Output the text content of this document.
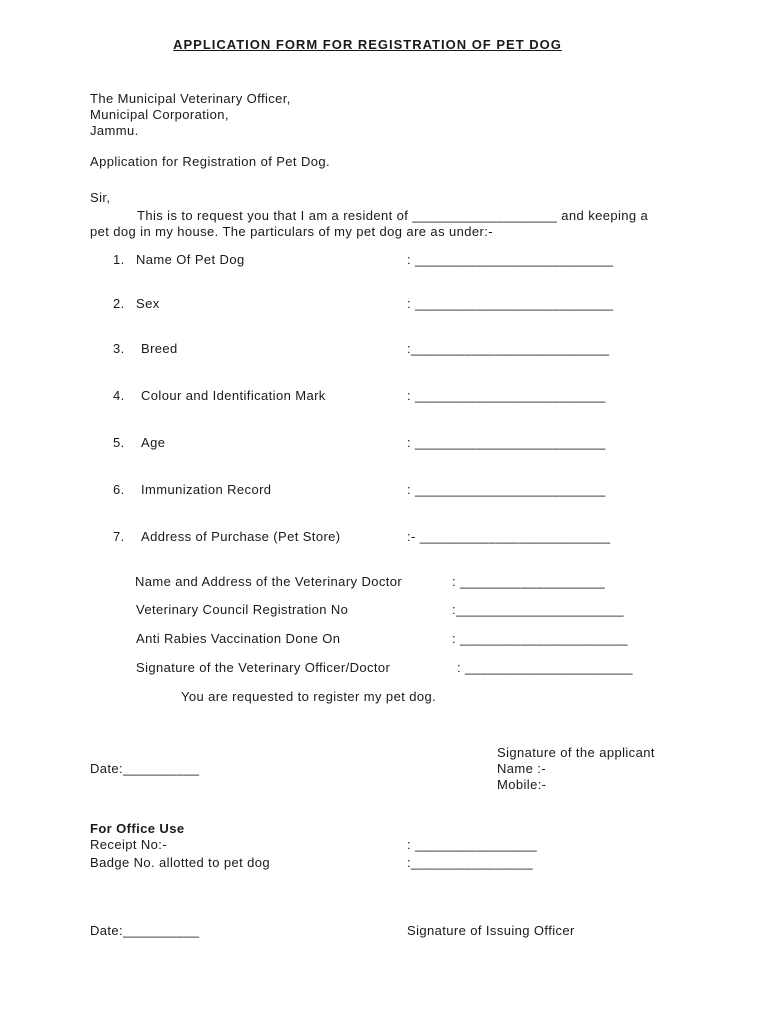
APPLICATION FORM FOR REGISTRATION OF PET DOG
The Municipal Veterinary Officer,
Municipal Corporation,
Jammu.
Application for Registration of Pet Dog.
Sir,
This is to request you that I am a resident of ___________________ and keeping a
pet dog in my house. The particulars of my pet dog are as under:-
1. Name Of Pet Dog	: __________________________
2. Sex	: __________________________
3. Breed	:__________________________
4. Colour and Identification Mark	: _________________________
5. Age	: _________________________
6. Immunization Record	: _________________________
7. Address of Purchase (Pet Store)	:- _________________________
Name and Address of the Veterinary Doctor	: ___________________
Veterinary Council Registration No	:______________________
Anti Rabies Vaccination Done On	: ______________________
Signature of the Veterinary Officer/Doctor	: ______________________
You are requested to register my pet dog.
Signature of the applicant
Date:__________	Name :-
Mobile:-
For Office Use
Receipt No:-	: ________________
Badge No. allotted to pet dog	:________________
Date:__________	Signature of Issuing Officer
